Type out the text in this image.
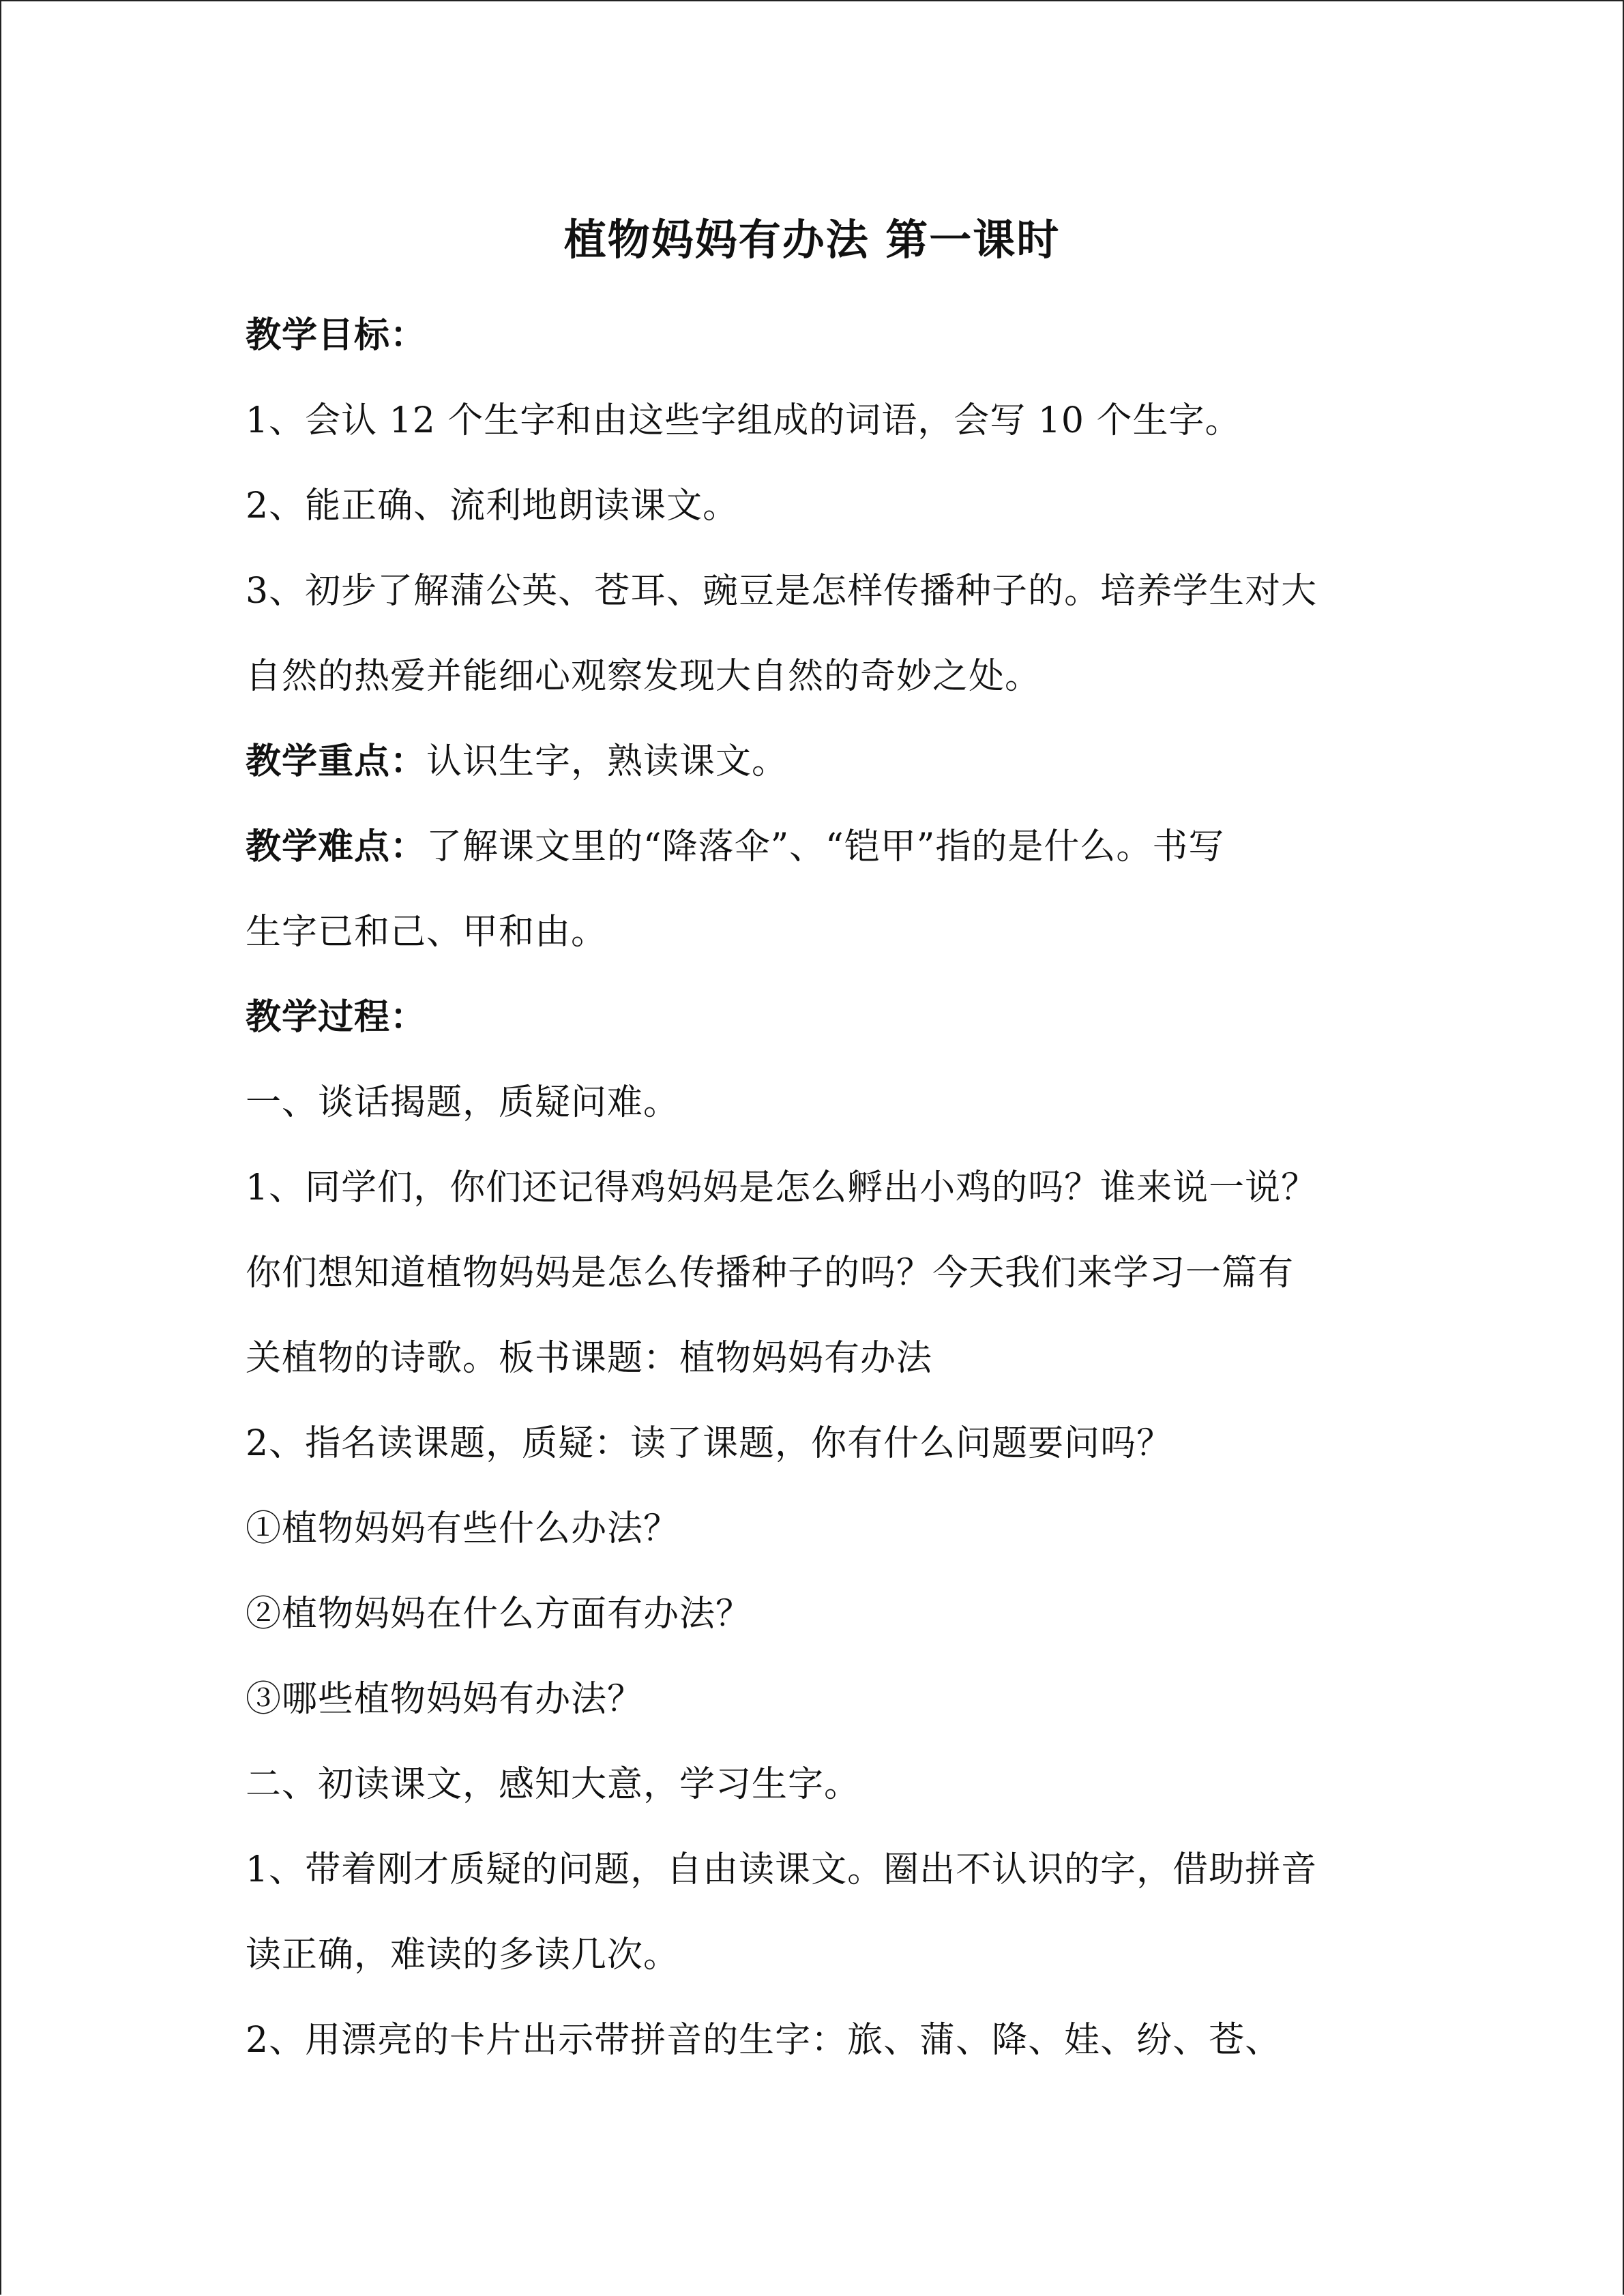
植物妈妈有办法 第一课时
教学目标：
1、会认 12 个生字和由这些字组成的词语，会写 10 个生字。
2、能正确、流利地朗读课文。
3、初步了解蒲公英、苍耳、豌豆是怎样传播种子的。培养学生对大
自然的热爱并能细心观察发现大自然的奇妙之处。
教学重点：认识生字，熟读课文。
教学难点：了解课文里的“降落伞”、“铠甲”指的是什么。书写
生字已和己、甲和由。
教学过程：
一、谈话揭题，质疑问难。
1、同学们，你们还记得鸡妈妈是怎么孵出小鸡的吗？谁来说一说？
你们想知道植物妈妈是怎么传播种子的吗？今天我们来学习一篇有
关植物的诗歌。板书课题：植物妈妈有办法
2、指名读课题，质疑：读了课题，你有什么问题要问吗？
①植物妈妈有些什么办法？
②植物妈妈在什么方面有办法？
③哪些植物妈妈有办法？
二、初读课文，感知大意，学习生字。
1、带着刚才质疑的问题，自由读课文。圈出不认识的字，借助拼音
读正确，难读的多读几次。
2、用漂亮的卡片出示带拼音的生字：旅、蒲、降、娃、纷、苍、
